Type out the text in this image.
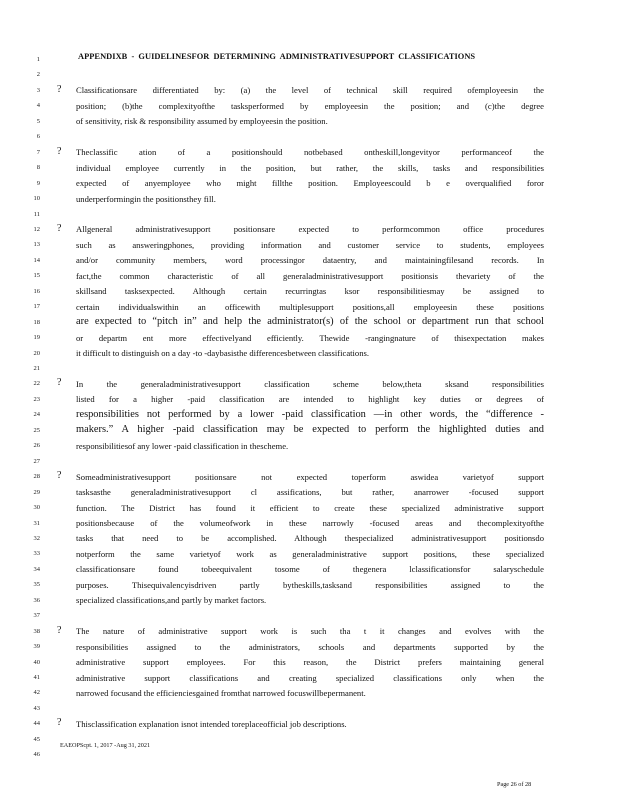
APPENDIXB - GUIDELINESFOR DETERMINING ADMINISTRATIVESUPPORT CLASSIFICATIONS
1
2
3
4
5
6
7
8
9
10
11
12
13
14
15
16
17
18
19
20
21
22
23
24
25
26
27
28
29
30
31
32
33
34
35
36
37
38
39
40
41
42
43
44
45
46
?
?
?
?
?
?
?
Classificationsare differentiated by: (a) the level of technical skill required ofemployeesin the
position; (b)the complexityofthe tasksperformed by employeesin the position; and (c)the degree
of sensitivity, risk & responsibility assumed by employeesin the position.
Theclassific ation of a positionshould notbebased ontheskill,longevityor performanceof the
individual employee currently in the position, but rather, the skills, tasks and responsibilities
expected of anyemployee who might fillthe position. Employeescould b e overqualified foror
underperformingin the positionsthey fill.
Allgeneral administrativesupport positionsare expected to performcommon office procedures
such as answeringphones, providing information and customer service to students, employees
and/or community members, word processingor dataentry, and maintainingfilesand records. In
fact,the common characteristic of all generaladministrativesupport positionsis thevariety of the
skillsand tasksexpected. Although certain recurringtas ksor responsibilitiesmay be assigned to
certain individualswithin an officewith multiplesupport positions,all employeesin these positions
are expected to “pitch in” and help the administrator(s) of the school or department run that school
or departm ent more effectivelyand efficiently. Thewide -rangingnature of thisexpectation makes
it difficult to distinguish on a day -to -daybasisthe differencesbetween classifications.
In the generaladministrativesupport classification scheme below,theta sksand responsibilities
listed for a higher -paid classification are intended to highlight key duties or degrees of
responsibilities not performed by a lower -paid classification —in other words, the “difference -
makers.” A higher -paid classification may be expected to perform the highlighted duties and
responsibilitiesof any lower -paid classification in thescheme.
Someadministrativesupport positionsare not expected toperform aswidea varietyof support
tasksasthe generaladministrativesupport cl assifications, but rather, anarrower -focused support
function. The District has found it efficient to create these specialized administrative support
positionsbecause of the volumeofwork in these narrowly -focused areas and thecomplexityofthe
tasks that need to be accomplished. Although thespecialized administrativesupport positionsdo
notperform the same varietyof work as generaladministrative support positions, these specialized
classificationsare found tobeequivalent tosome of thegenera lclassificationsfor salaryschedule
purposes. Thisequivalencyisdriven partly bytheskills,tasksand responsibilities assigned to the
specialized classifications,and partly by market factors.
The nature of administrative support work is such tha t it changes and evolves with the
responsibilities assigned to the administrators, schools and departments supported by the
administrative support employees. For this reason, the District prefers maintaining general
administrative support classifications and creating specialized classifications only when the
narrowed focusand the efficienciesgained fromthat narrowed focuswillbepermanent.
Thisclassification explanation isnot intended toreplaceofficial job descriptions.
EAEOPScpt. 1, 2017 -Aug 31, 2021
Page 26 of 28
